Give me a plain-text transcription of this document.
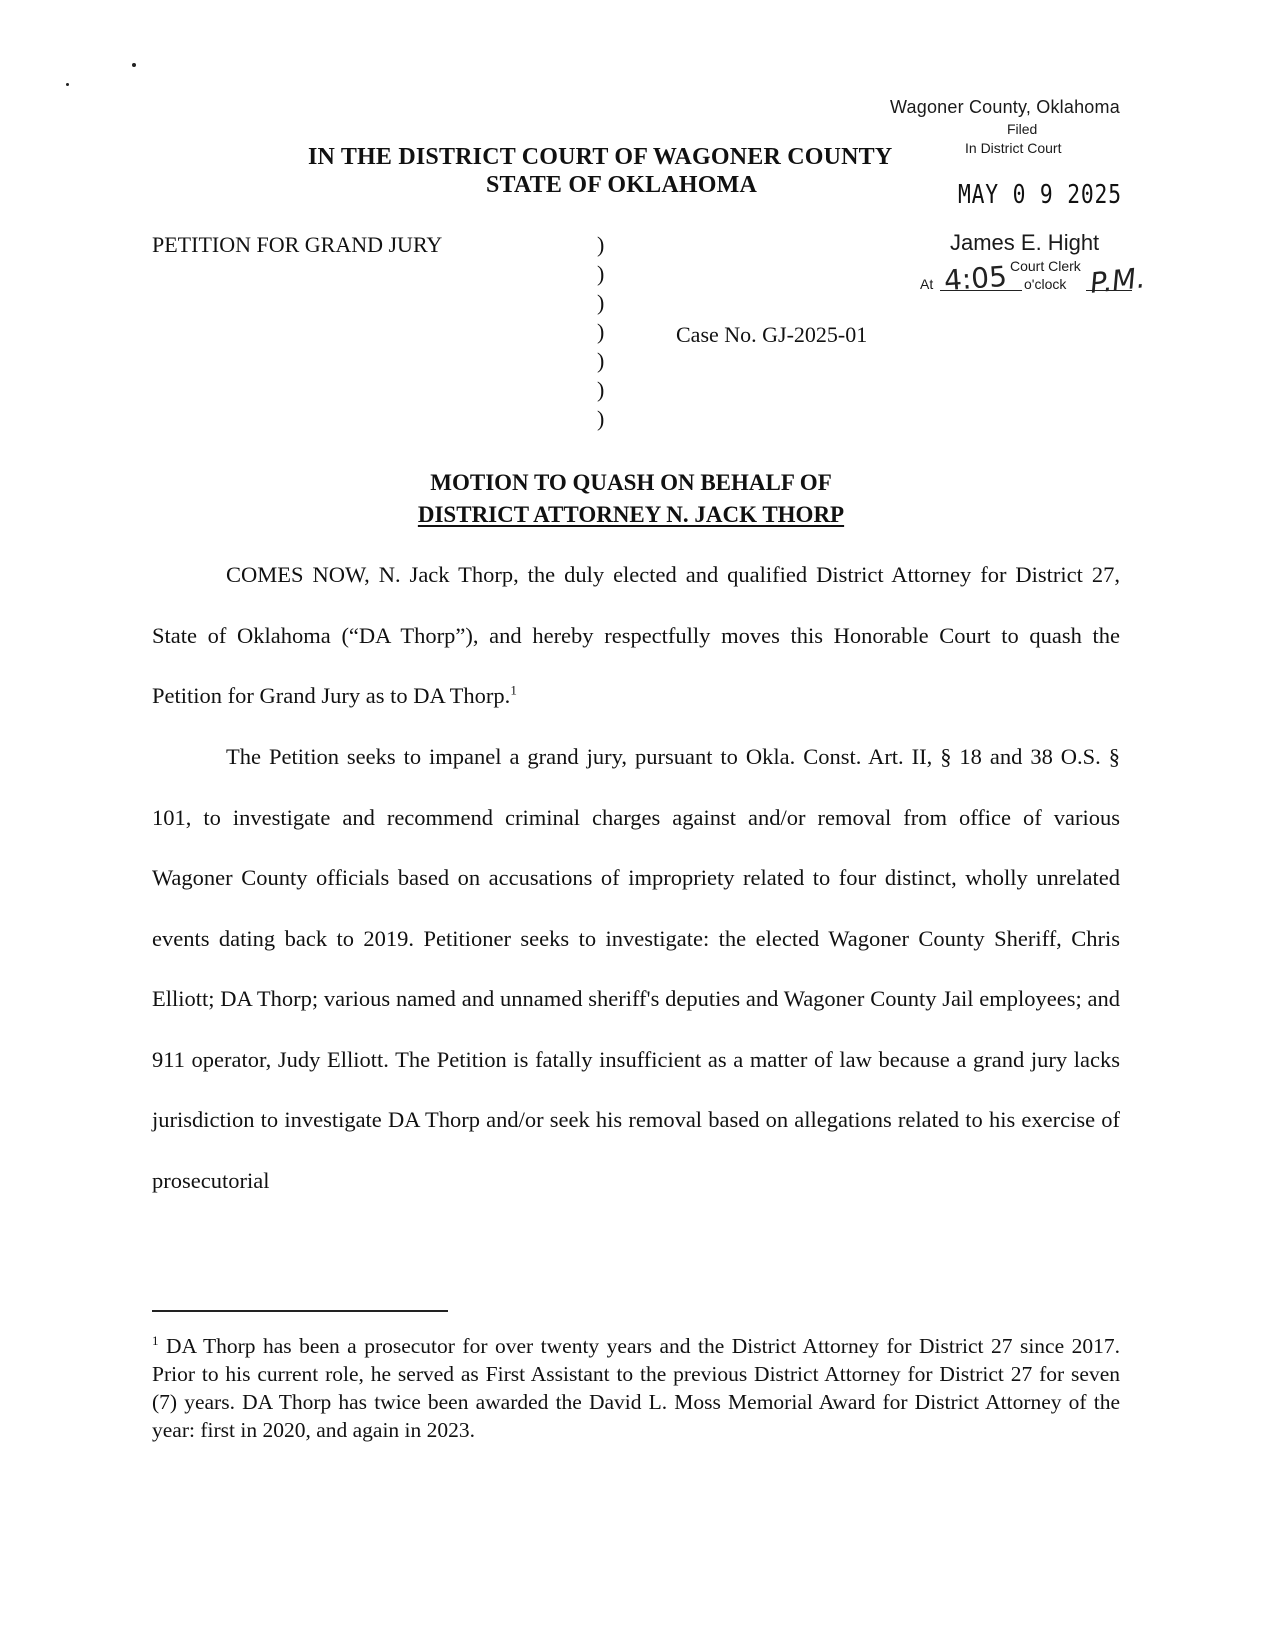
Wagoner County, Oklahoma
Filed
In District Court
MAY 0 9 2025
James E. Hight
Court Clerk
At 4:05 o'clock P.M.
IN THE DISTRICT COURT OF WAGONER COUNTY
STATE OF OKLAHOMA
PETITION FOR GRAND JURY	)
)
)
)
)
)
)
Case No. GJ-2025-01
MOTION TO QUASH ON BEHALF OF
DISTRICT ATTORNEY N. JACK THORP

COMES NOW, N. Jack Thorp, the duly elected and qualified District Attorney for District 27, State of Oklahoma (“DA Thorp”), and hereby respectfully moves this Honorable Court to quash the Petition for Grand Jury as to DA Thorp.$^1$

The Petition seeks to impanel a grand jury, pursuant to Okla. Const. Art. II, § 18 and 38 O.S. § 101, to investigate and recommend criminal charges against and/or removal from office of various Wagoner County officials based on accusations of impropriety related to four distinct, wholly unrelated events dating back to 2019. Petitioner seeks to investigate: the elected Wagoner County Sheriff, Chris Elliott; DA Thorp; various named and unnamed sheriff's deputies and Wagoner County Jail employees; and 911 operator, Judy Elliott. The Petition is fatally insufficient as a matter of law because a grand jury lacks jurisdiction to investigate DA Thorp and/or seek his removal based on allegations related to his exercise of prosecutorial

$^1$ DA Thorp has been a prosecutor for over twenty years and the District Attorney for District 27 since 2017. Prior to his current role, he served as First Assistant to the previous District Attorney for District 27 for seven (7) years. DA Thorp has twice been awarded the David L. Moss Memorial Award for District Attorney of the year: first in 2020, and again in 2023.
